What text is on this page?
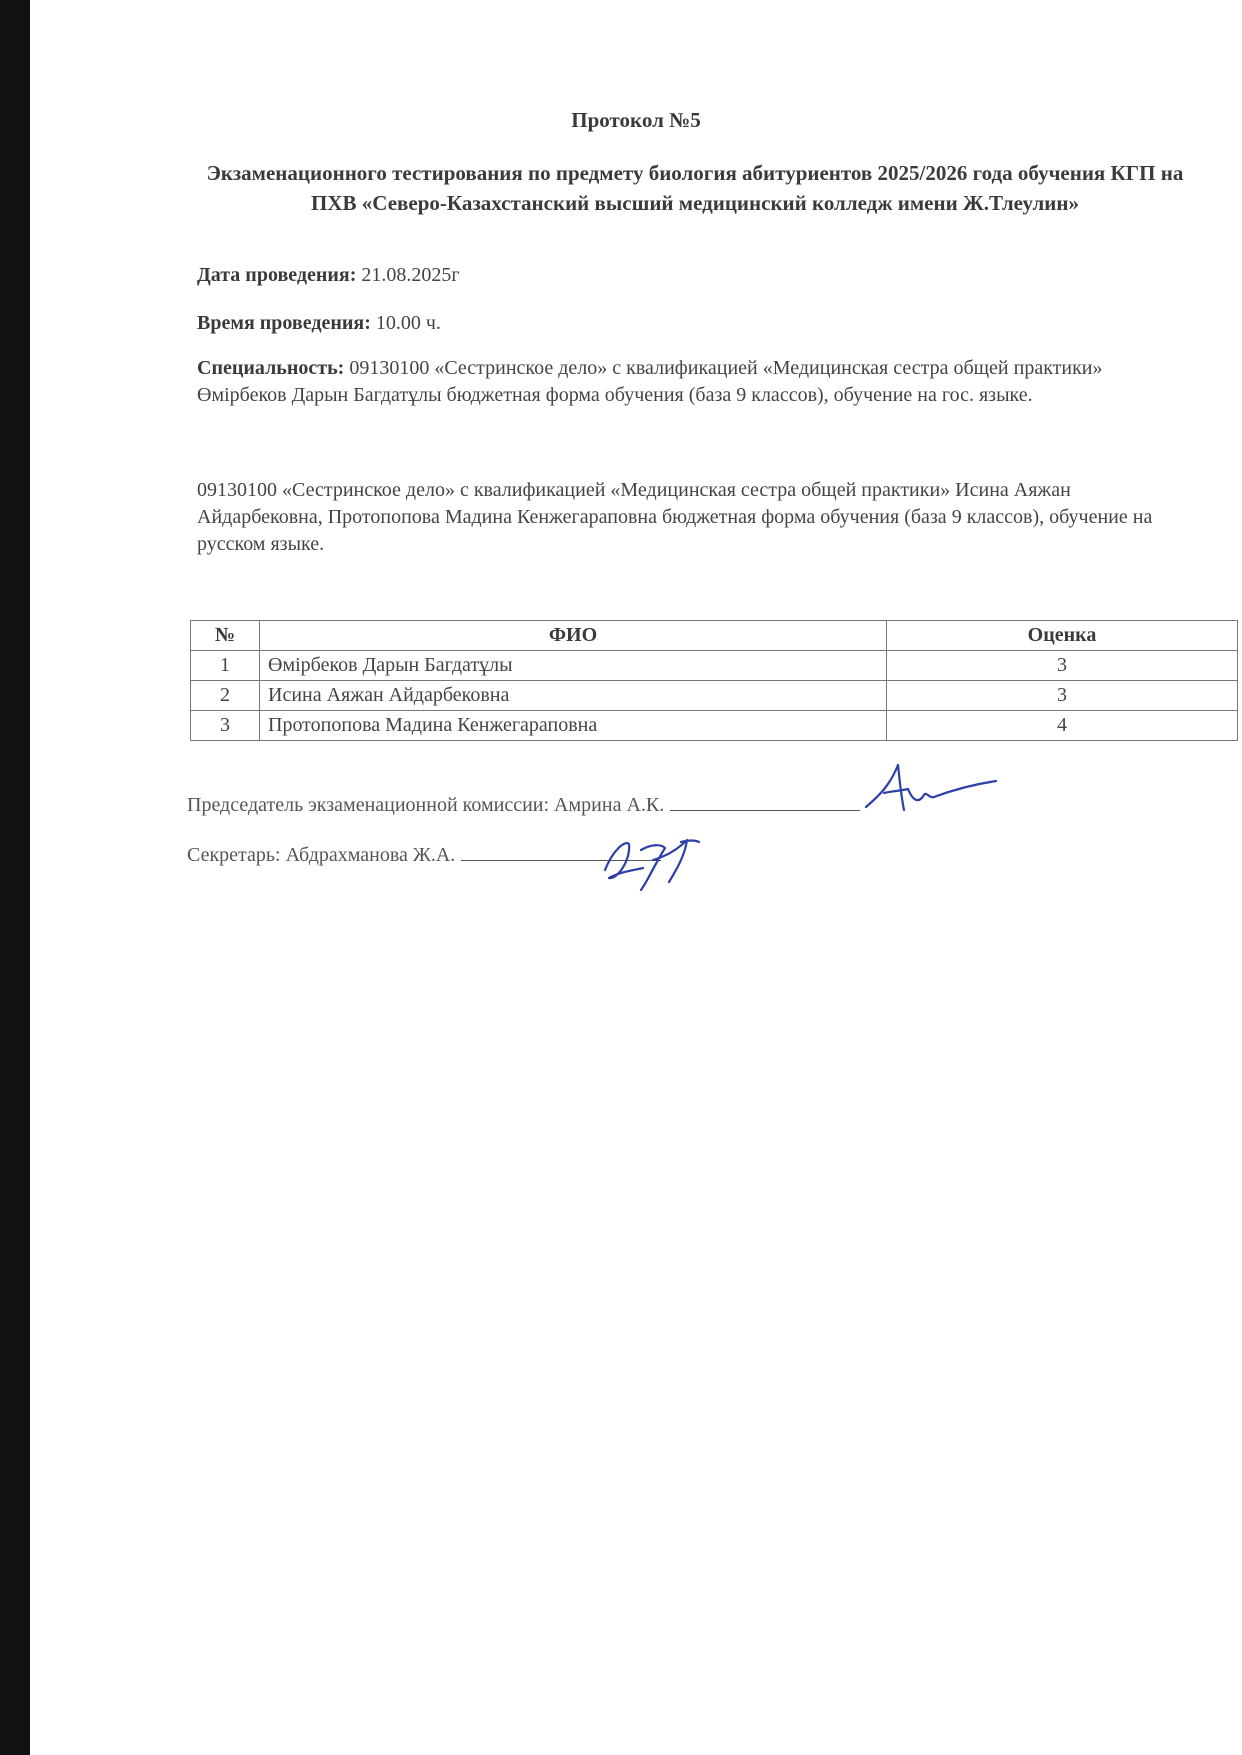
Протокол №5
Экзаменационного тестирования по предмету биология абитуриентов 2025/2026 года обучения КГП на ПХВ «Северо-Казахстанский высший медицинский колледж имени Ж.Тлеулин»
Дата проведения: 21.08.2025г
Время проведения: 10.00 ч.
Специальность: 09130100 «Сестринское дело» с квалификацией «Медицинская сестра общей практики» Өмірбеков Дарын Багдатұлы бюджетная форма обучения (база 9 классов), обучение на гос. языке.
09130100 «Сестринское дело» с квалификацией «Медицинская сестра общей практики» Исина Аяжан Айдарбековна, Протопопова Мадина Кенжегараповна бюджетная форма обучения (база 9 классов), обучение на русском языке.
№	ФИО	Оценка
1	Өмірбеков Дарын Багдатұлы	3
2	Исина Аяжан Айдарбековна	3
3	Протопопова Мадина Кенжегараповна	4
Председатель экзаменационной комиссии: Амрина А.К.
Секретарь: Абдрахманова Ж.А.
